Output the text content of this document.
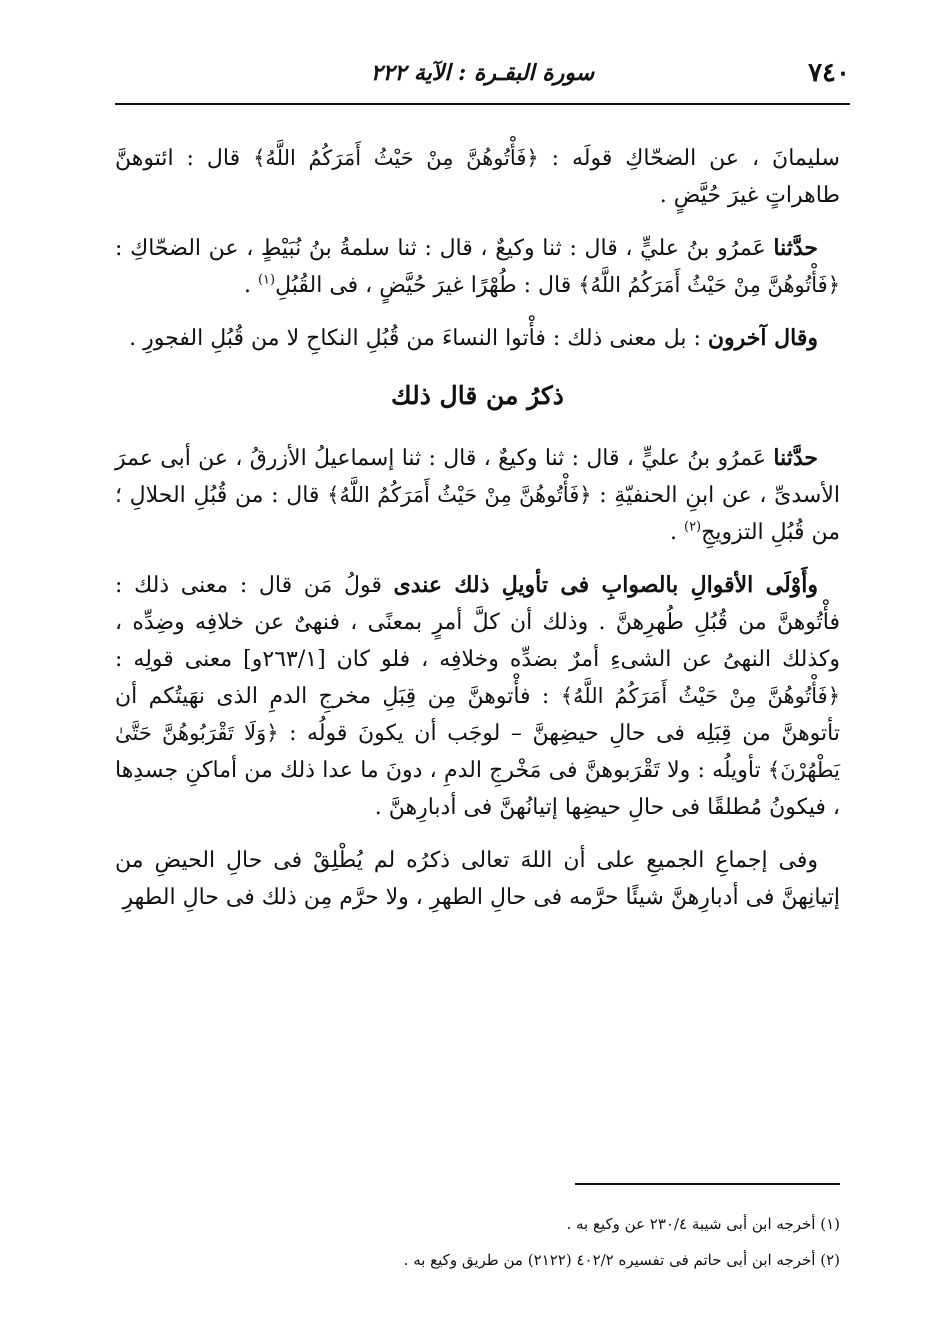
٧٤٠
سورة البقـرة : الآية ٢٢٢

سليمانَ ، عن الضحّاكِ قولَه : ﴿فَأْتُوهُنَّ مِنْ حَيْثُ أَمَرَكُمُ اللَّهُ﴾ قال : ائتوهنَّ طاهراتٍ غيرَ حُيَّضٍ .

حدَّثنا عَمرُو بنُ عليٍّ ، قال : ثنا وكيعٌ ، قال : ثنا سلمةُ بنُ نُبَيْطٍ ، عن الضحّاكِ : ﴿فَأْتُوهُنَّ مِنْ حَيْثُ أَمَرَكُمُ اللَّهُ﴾ قال : طُهْرًا غيرَ حُيَّضٍ ، فى القُبُلِ$^{(١)}$ .

وقال آخرون : بل معنى ذلك : فأْتوا النساءَ من قُبُلِ النكاحِ لا من قُبُلِ الفجورِ .

ذكرُ من قال ذلك

حدَّثنا عَمرُو بنُ عليٍّ ، قال : ثنا وكيعٌ ، قال : ثنا إسماعيلُ الأزرقُ ، عن أبى عمرَ الأسدىِّ ، عن ابنِ الحنفيّةِ : ﴿فَأْتُوهُنَّ مِنْ حَيْثُ أَمَرَكُمُ اللَّهُ﴾ قال : من قُبُلِ الحلالِ ؛ من قُبُلِ التزويجِ$^{(٢)}$ .

وأَوْلَى الأقوالِ بالصوابِ فى تأويلِ ذلك عندى قولُ مَن قال : معنى ذلك : فأْتُوهنَّ من قُبُلِ طُهرِهنَّ . وذلك أن كلَّ أمرٍ بمعنًى ، فنهىٌ عن خلافِه وضِدِّه ، وكذلك النهىُ عن الشىءِ أمرٌ بضدِّه وخلافِه ، فلو كان [٢٦٣/١و] معنى قولِه : ﴿فَأْتُوهُنَّ مِنْ حَيْثُ أَمَرَكُمُ اللَّهُ﴾ : فأْتوهنَّ مِن قِبَلِ مخرجِ الدمِ الذى نهَيتُكم أن تأتوهنَّ من قِبَلِه فى حالِ حيضِهنَّ – لوجَب أن يكونَ قولُه : ﴿وَلَا تَقْرَبُوهُنَّ حَتَّىٰ يَطْهُرْنَ﴾ تأويلُه : ولا تَقْرَبوهنَّ فى مَخْرجِ الدمِ ، دونَ ما عدا ذلك من أماكنِ جسدِها ، فيكونُ مُطلقًا فى حالِ حيضِها إتيانُهنَّ فى أدبارِهنَّ .

وفى إجماعِ الجميعِ على أن اللهَ تعالى ذكرُه لم يُطْلِقْ فى حالِ الحيضِ من إتيانِهنَّ فى أدبارِهنَّ شيئًا حرَّمه فى حالِ الطهرِ ، ولا حرَّم مِن ذلك فى حالِ الطهرِ

(١) أخرجه ابن أبى شيبة ٢٣٠/٤ عن وكيع به .

(٢) أخرجه ابن أبى حاتم فى تفسيره ٤٠٢/٢ (٢١٢٢) من طريق وكيع به .
